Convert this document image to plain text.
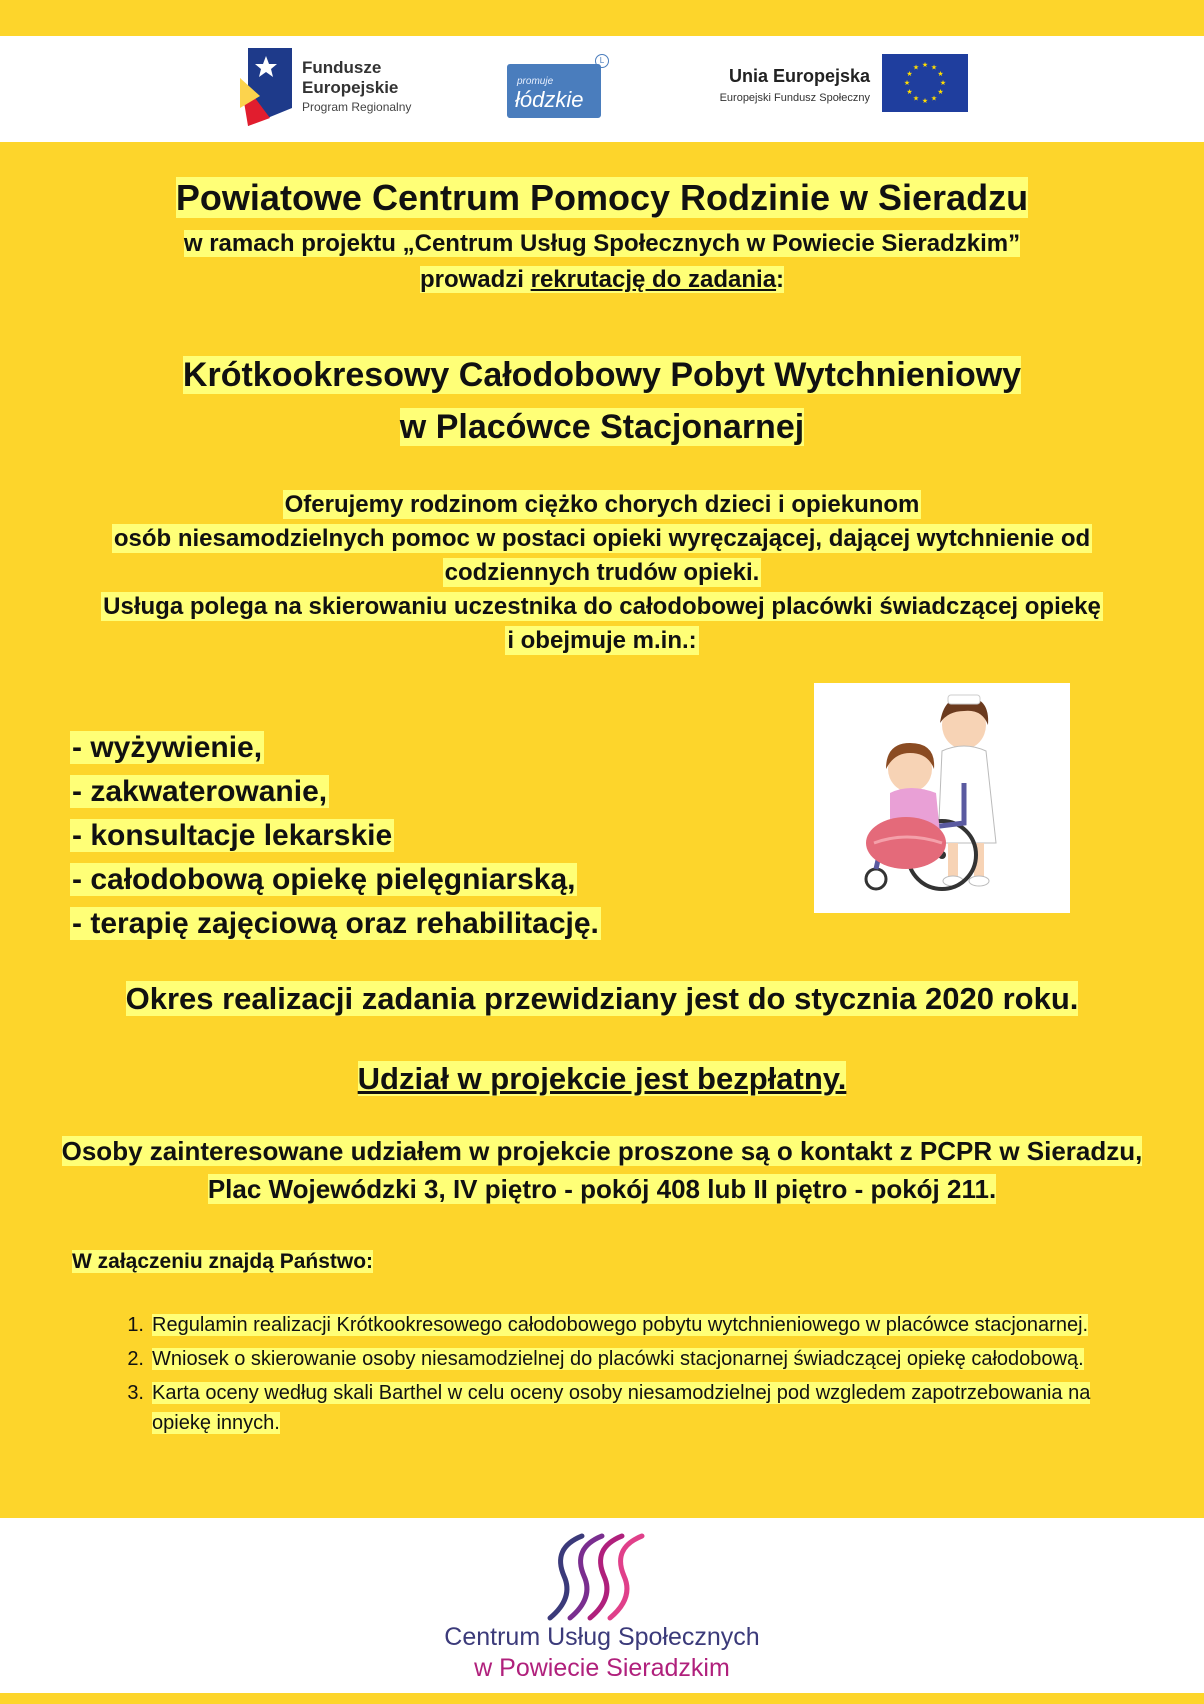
Fundusze
Europejskie
Program Regionalny
promuje
łódzkie
L
Unia Europejska
Europejski Fundusz Społeczny
★ ★
★
★
★
★
★
★
★
★
★
★
Powiatowe Centrum Pomocy Rodzinie w Sieradzu
w ramach projektu „Centrum Usług Społecznych w Powiecie Sieradzkim”
prowadzi rekrutację do zadania:
Krótkookresowy Całodobowy Pobyt Wytchnieniowy
w Placówce Stacjonarnej
Oferujemy rodzinom ciężko chorych dzieci i opiekunom
osób niesamodzielnych pomoc w postaci opieki wyręczającej, dającej wytchnienie od
codziennych trudów opieki.
Usługa polega na skierowaniu uczestnika do całodobowej placówki świadczącej opiekę
i obejmuje m.in.:
- wyżywienie,
- zakwaterowanie,
- konsultacje lekarskie
- całodobową opiekę pielęgniarską,
- terapię zajęciową oraz rehabilitację.
Okres realizacji zadania przewidziany jest do stycznia 2020 roku.
Udział w projekcie jest bezpłatny.
Osoby zainteresowane udziałem w projekcie proszone są o kontakt z PCPR w Sieradzu,
Plac Wojewódzki 3, IV piętro - pokój 408 lub II piętro - pokój 211.
W załączeniu znajdą Państwo:
1. Regulamin realizacji Krótkookresowego całodobowego pobytu wytchnieniowego w placówce stacjonarnej.
2. Wniosek o skierowanie osoby niesamodzielnej do placówki stacjonarnej świadczącej opiekę całodobową.
3. Karta oceny według skali Barthel w celu oceny osoby niesamodzielnej pod wzgledem zapotrzebowania na opiekę innych.
Centrum Usług Społecznych
w Powiecie Sieradzkim
